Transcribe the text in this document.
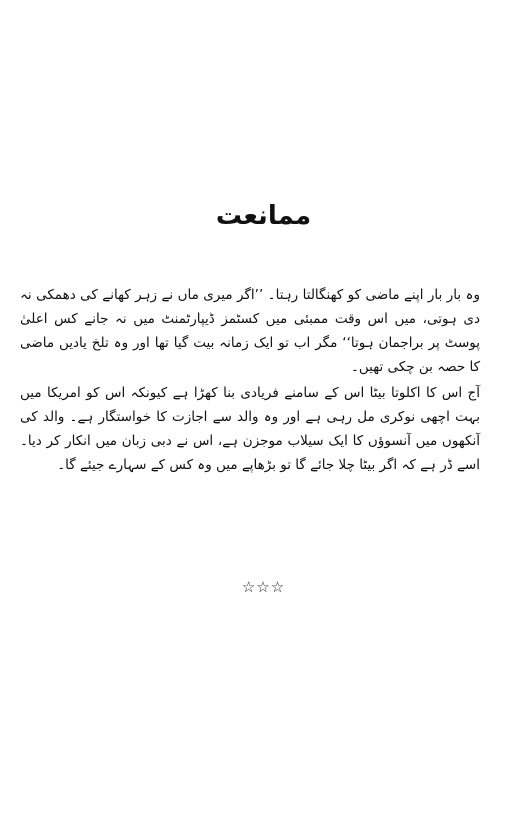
ممانعت

وہ بار بار اپنے ماضی کو کھنگالتا رہتا۔ ’’اگر میری ماں نے زہر کھانے کی دھمکی نہ دی ہوتی، میں اس وقت ممبئی میں کسٹمز ڈیپارٹمنٹ میں نہ جانے کس اعلیٰ پوسٹ پر براجمان ہوتا‘‘ مگر اب تو ایک زمانہ بیت گیا تھا اور وہ تلخ یادیں ماضی کا حصہ بن چکی تھیں۔

آج اس کا اکلوتا بیٹا اس کے سامنے فریادی بنا کھڑا ہے کیونکہ اس کو امریکا میں بہت اچھی نوکری مل رہی ہے اور وہ والد سے اجازت کا خواستگار ہے۔ والد کی آنکھوں میں آنسوؤں کا ایک سیلاب موجزن ہے، اس نے دبی زبان میں انکار کر دیا۔ اسے ڈر ہے کہ اگر بیٹا چلا جائے گا تو بڑھاپے میں وہ کس کے سہارے جیئے گا۔

☆☆☆
